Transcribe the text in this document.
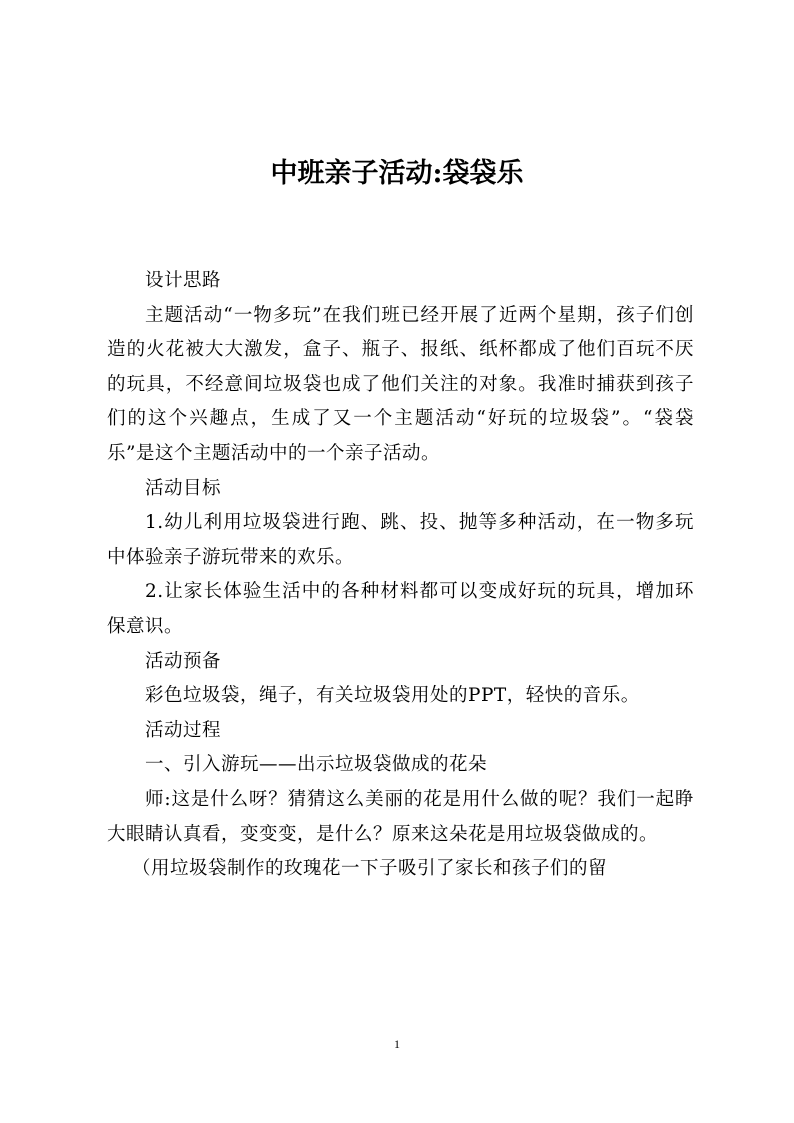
中班亲子活动:袋袋乐

设计思路

主题活动“一物多玩”在我们班已经开展了近两个星期，孩子们创造的火花被大大激发，盒子、瓶子、报纸、纸杯都成了他们百玩不厌的玩具，不经意间垃圾袋也成了他们关注的对象。我准时捕获到孩子们的这个兴趣点，生成了又一个主题活动“好玩的垃圾袋”。“袋袋乐”是这个主题活动中的一个亲子活动。

活动目标

1.幼儿利用垃圾袋进行跑、跳、投、抛等多种活动，在一物多玩中体验亲子游玩带来的欢乐。

2.让家长体验生活中的各种材料都可以变成好玩的玩具，增加环保意识。

活动预备

彩色垃圾袋，绳子，有关垃圾袋用处的PPT，轻快的音乐。

活动过程

一、引入游玩——出示垃圾袋做成的花朵

师:这是什么呀？猜猜这么美丽的花是用什么做的呢？我们一起睁大眼睛认真看，变变变，是什么？原来这朵花是用垃圾袋做成的。

（用垃圾袋制作的玫瑰花一下子吸引了家长和孩子们的留

1
